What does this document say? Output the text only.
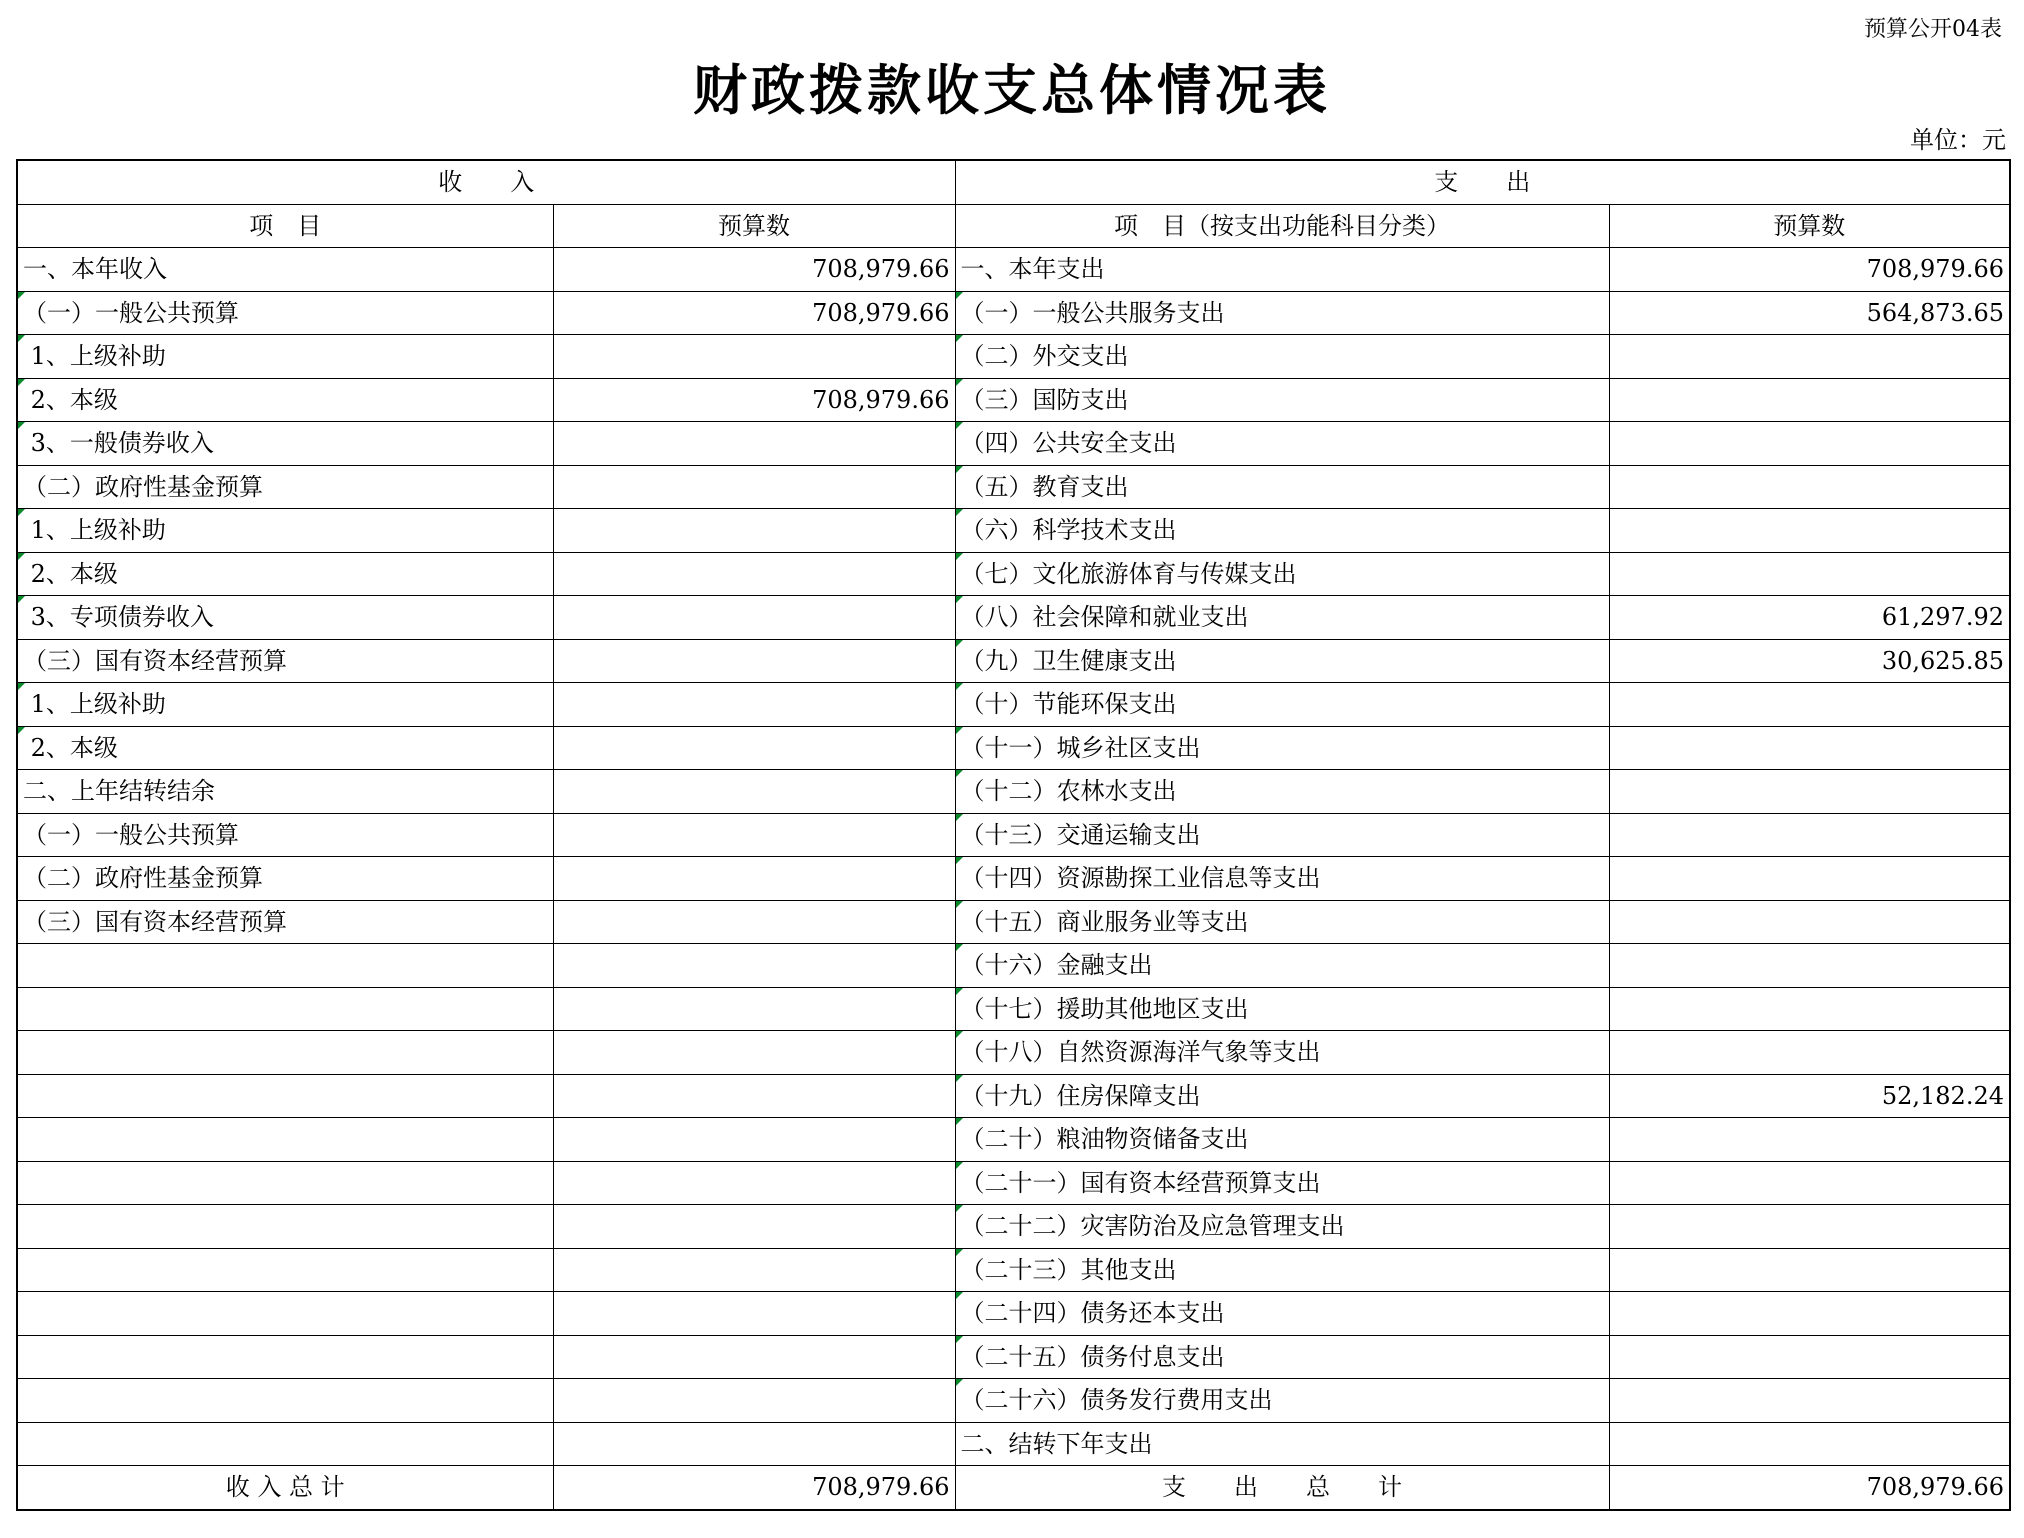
预算公开04表
财政拨款收支总体情况表
单位：元
收　　入		支　　出	
项　目	预算数	项　目（按支出功能科目分类）	预算数
一、本年收入	708,979.66	一、本年支出	708,979.66
（一）一般公共预算	708,979.66	（一）一般公共服务支出	564,873.65
1、上级补助		（二）外交支出	
2、本级	708,979.66	（三）国防支出	
3、一般债券收入		（四）公共安全支出	
（二）政府性基金预算		（五）教育支出	
1、上级补助		（六）科学技术支出	
2、本级		（七）文化旅游体育与传媒支出	
3、专项债券收入		（八）社会保障和就业支出	61,297.92
（三）国有资本经营预算		（九）卫生健康支出	30,625.85
1、上级补助		（十）节能环保支出	
2、本级		（十一）城乡社区支出	
二、上年结转结余		（十二）农林水支出	
（一）一般公共预算		（十三）交通运输支出	
（二）政府性基金预算		（十四）资源勘探工业信息等支出	
（三）国有资本经营预算		（十五）商业服务业等支出	
		（十六）金融支出	
		（十七）援助其他地区支出	
		（十八）自然资源海洋气象等支出	
		（十九）住房保障支出	52,182.24
		（二十）粮油物资储备支出	
		（二十一）国有资本经营预算支出	
		（二十二）灾害防治及应急管理支出	
		（二十三）其他支出	
		（二十四）债务还本支出	
		（二十五）债务付息支出	
		（二十六）债务发行费用支出	
		二、结转下年支出	
收 入 总 计	708,979.66	支　　出　　总　　计	708,979.66
